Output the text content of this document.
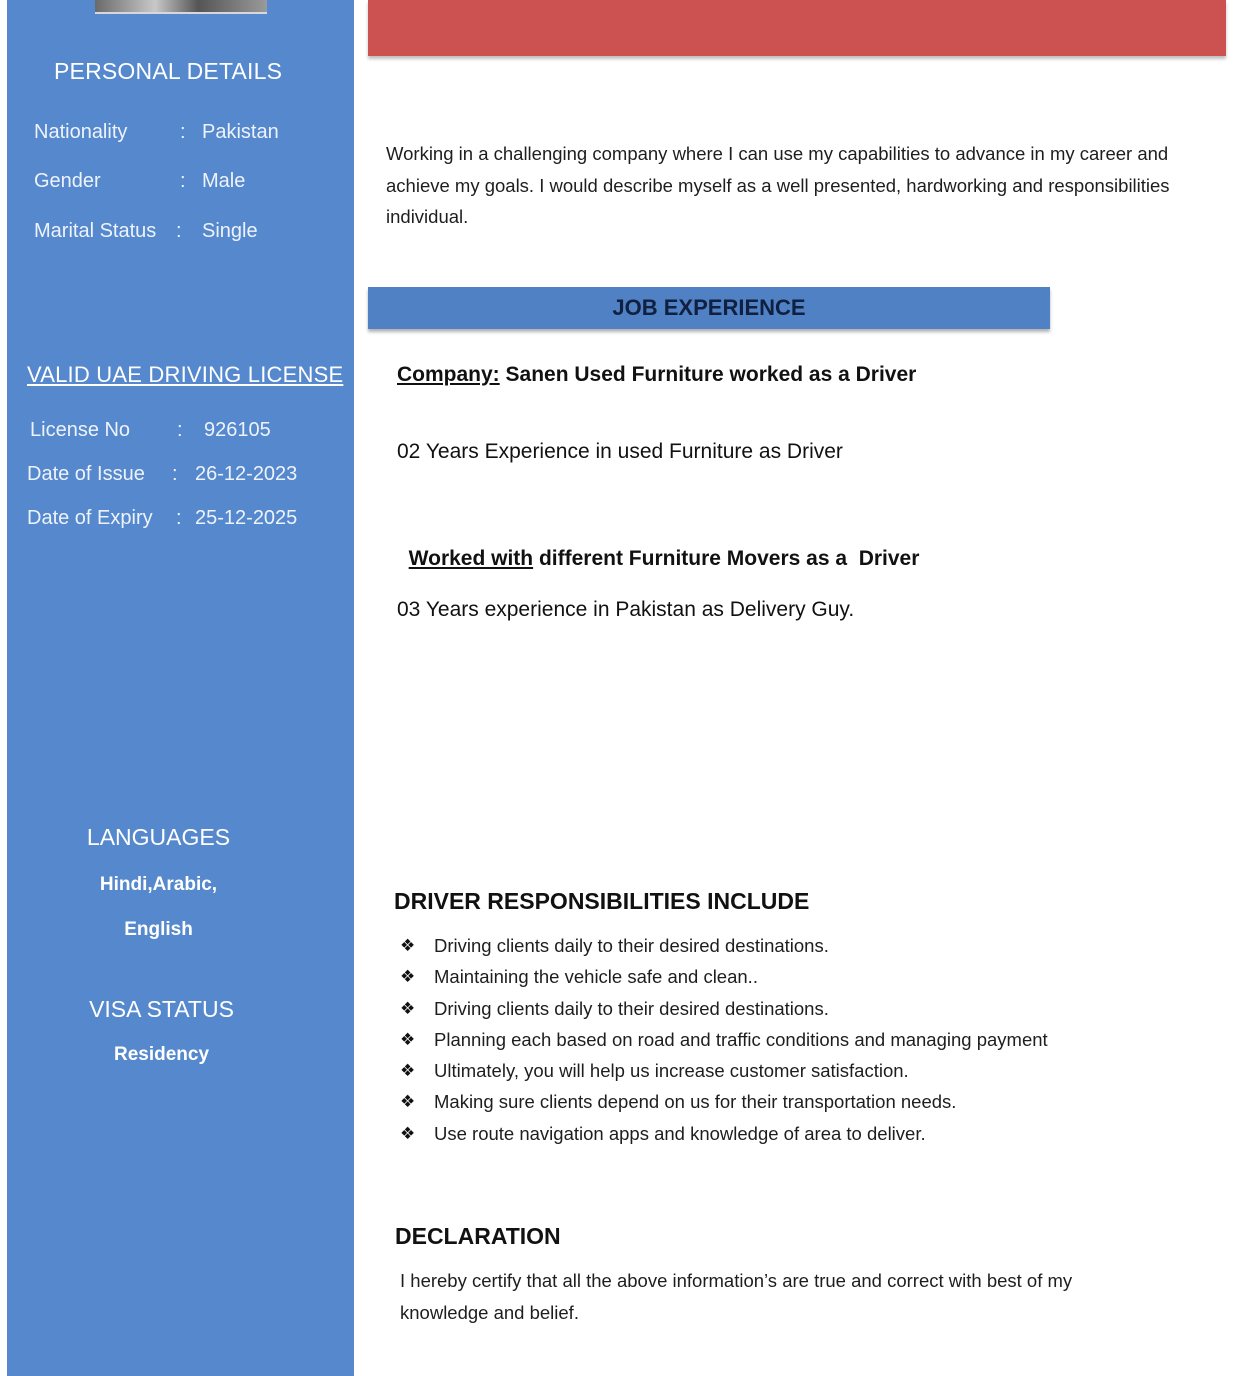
PERSONAL DETAILS

Nationality

	:

Pakistan

Gender

	:

Male

Marital Status

:

Single

VALID UAE DRIVING LICENSE

License No

:

926105

Date of Issue

:

26-12-2023

Date of Expiry

:

25-12-2025

LANGUAGES
Hindi,Arabic,
English
VISA STATUS
Residency
Working in a challenging company where I can use my capabilities to advance in my career and achieve my goals. I would describe myself as a well presented, hardworking and responsibilities individual.
JOB EXPERIENCE
Company: Sanen Used Furniture worked as a Driver
02 Years Experience in used Furniture as Driver

Worked with different Furniture Movers as a  Driver

03 Years experience in Pakistan as Delivery Guy.
DRIVER RESPONSIBILITIES INCLUDE
❖ Driving clients daily to their desired destinations.
❖ Maintaining the vehicle safe and clean..
❖ Driving clients daily to their desired destinations.
❖ Planning each based on road and traffic conditions and managing payment
❖ Ultimately, you will help us increase customer satisfaction.
❖ Making sure clients depend on us for their transportation needs.
❖ Use route navigation apps and knowledge of area to deliver.
DECLARATION
I hereby certify that all the above information’s are true and correct with best of my knowledge and belief.
